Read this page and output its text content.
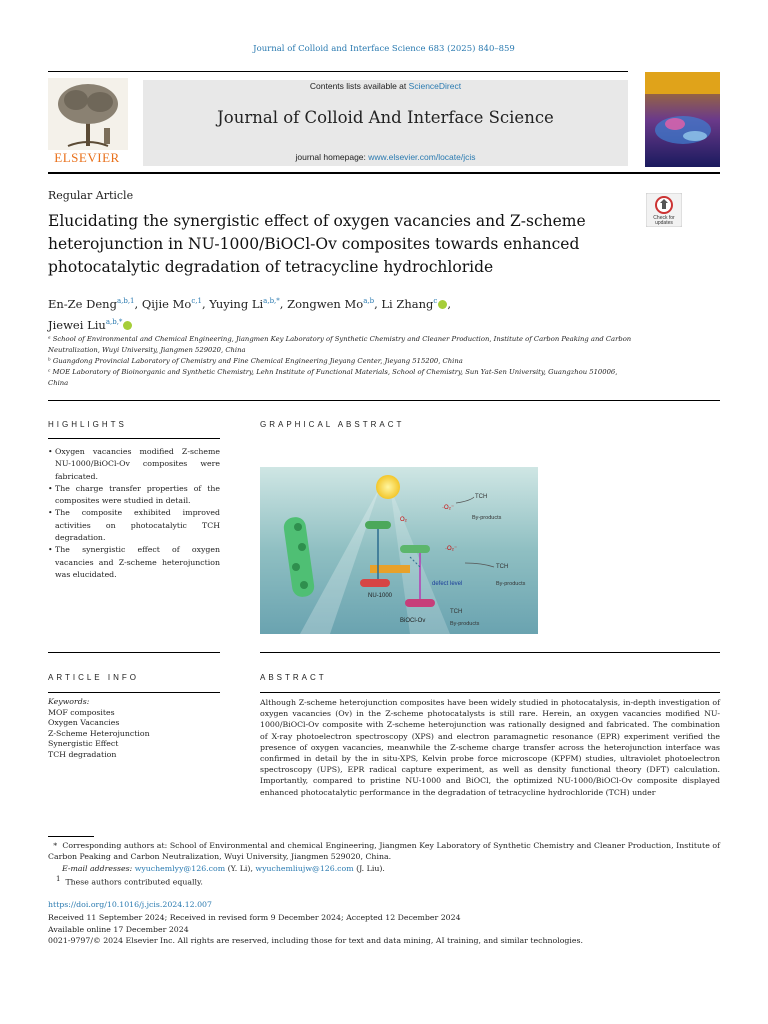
Journal of Colloid and Interface Science 683 (2025) 840–859
ELSEVIER
Contents lists available at ScienceDirect
Journal of Colloid And Interface Science
journal homepage: www.elsevier.com/locate/jcis
Regular Article
Elucidating the synergistic effect of oxygen vacancies and Z-scheme heterojunction in NU-1000/BiOCl-Ov composites towards enhanced photocatalytic degradation of tetracycline hydrochloride
Check for
updates
En-Ze Deng$^{a,b,1}$, Qijie Mo$^{c,1}$, Yuying $Li^{a,b,*}$, Zongwen Mo$^{a,b}$, Li Zhang$^c$ ,
Jiewei Liu$^{a,b,*}$
ᵃ School of Environmental and Chemical Engineering, Jiangmen Key Laboratory of Synthetic Chemistry and Cleaner Production, Institute of Carbon Peaking and Carbon Neutralization, Wuyi University, Jiangmen 529020, China
ᵇ Guangdong Provincial Laboratory of Chemistry and Fine Chemical Engineering Jieyang Center, Jieyang 515200, China
ᶜ MOE Laboratory of Bioinorganic and Synthetic Chemistry, Lehn Institute of Functional Materials, School of Chemistry, Sun Yat-Sen University, Guangzhou 510006, China
HIGHLIGHTS	GRAPHICAL ABSTRACT
• Oxygen vacancies modified Z-scheme NU-1000/BiOCl-Ov composites were fabricated.
• The charge transfer properties of the composites were studied in detail.
• The composite exhibited improved activities on photocatalytic TCH degradation.
• The synergistic effect of oxygen vacancies and Z-scheme heterojunction was elucidated.
TCH
By-products
O₂
·O₂⁻
·O₂⁻
TCH
By-products
NU-1000
defect level
BiOCl-Ov
TCH
By-products
ARTICLE INFO	ABSTRACT
Keywords:
MOF composites
Oxygen Vacancies
Z-Scheme Heterojunction
Synergistic Effect
TCH degradation
Although Z-scheme heterojunction composites have been widely studied in photocatalysis, in-depth investigation of oxygen vacancies (Ov) in the Z-scheme photocatalysts is still rare. Herein, an oxygen vacancies modified NU-1000/BiOCl-Ov composite with Z-scheme heterojunction was rationally designed and fabricated. The combination of X-ray photoelectron spectroscopy (XPS) and electron paramagnetic resonance (EPR) experiment verified the presence of oxygen vacancies, meanwhile the Z-scheme charge transfer across the heterojunction interface was confirmed in detail by the in situ-XPS, Kelvin probe force microscope (KPFM) studies, ultraviolet photoelectron spectroscopy (UPS), EPR radical capture experiment, as well as density functional theory (DFT) calculation. Importantly, compared to pristine NU-1000 and BiOCl, the optimized NU-1000/BiOCl-Ov composite displayed enhanced photocatalytic performance in the degradation of tetracycline hydrochloride (TCH) under
*  Corresponding authors at: School of Environmental and chemical Engineering, Jiangmen Key Laboratory of Synthetic Chemistry and Cleaner Production, Institute of Carbon Peaking and Carbon Neutralization, Wuyi University, Jiangmen 529020, China.
E-mail addresses: wyuchemlyy@126.com (Y. Li), wyuchemliujw@126.com (J. Liu).
$^1$ These authors contributed equally.
https://doi.org/10.1016/j.jcis.2024.12.007
Received 11 September 2024; Received in revised form 9 December 2024; Accepted 12 December 2024
Available online 17 December 2024
0021-9797/© 2024 Elsevier Inc. All rights are reserved, including those for text and data mining, AI training, and similar technologies.
